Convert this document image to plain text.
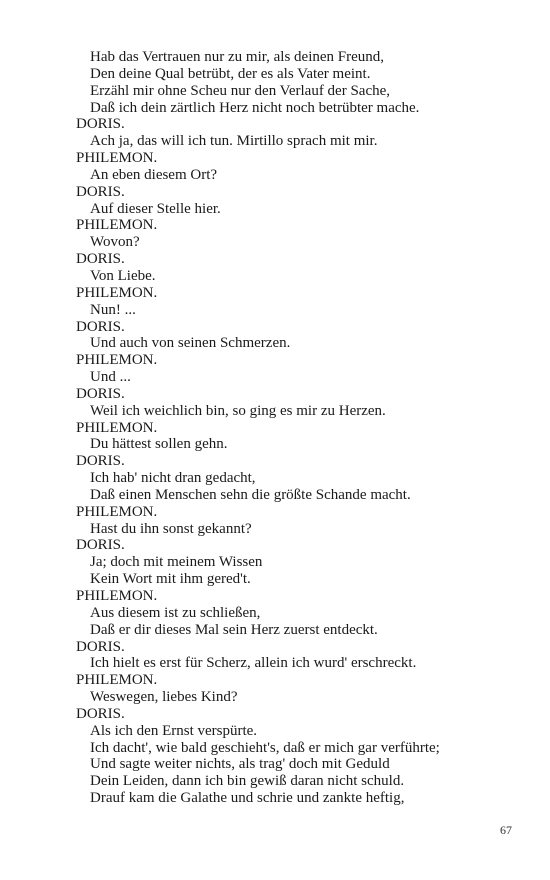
Hab das Vertrauen nur zu mir, als deinen Freund,
Den deine Qual betrübt, der es als Vater meint.
Erzähl mir ohne Scheu nur den Verlauf der Sache,
Daß ich dein zärtlich Herz nicht noch betrübter mache.
DORIS.
Ach ja, das will ich tun. Mirtillo sprach mit mir.
PHILEMON.
An eben diesem Ort?
DORIS.
Auf dieser Stelle hier.
PHILEMON.
Wovon?
DORIS.
Von Liebe.
PHILEMON.
Nun! ...
DORIS.
Und auch von seinen Schmerzen.
PHILEMON.
Und ...
DORIS.
Weil ich weichlich bin, so ging es mir zu Herzen.
PHILEMON.
Du hättest sollen gehn.
DORIS.
Ich hab' nicht dran gedacht,
Daß einen Menschen sehn die größte Schande macht.
PHILEMON.
Hast du ihn sonst gekannt?
DORIS.
Ja; doch mit meinem Wissen
Kein Wort mit ihm gered't.
PHILEMON.
Aus diesem ist zu schließen,
Daß er dir dieses Mal sein Herz zuerst entdeckt.
DORIS.
Ich hielt es erst für Scherz, allein ich wurd' erschreckt.
PHILEMON.
Weswegen, liebes Kind?
DORIS.
Als ich den Ernst verspürte.
Ich dacht', wie bald geschieht's, daß er mich gar verführte;
Und sagte weiter nichts, als trag' doch mit Geduld
Dein Leiden, dann ich bin gewiß daran nicht schuld.
Drauf kam die Galathe und schrie und zankte heftig,
67
